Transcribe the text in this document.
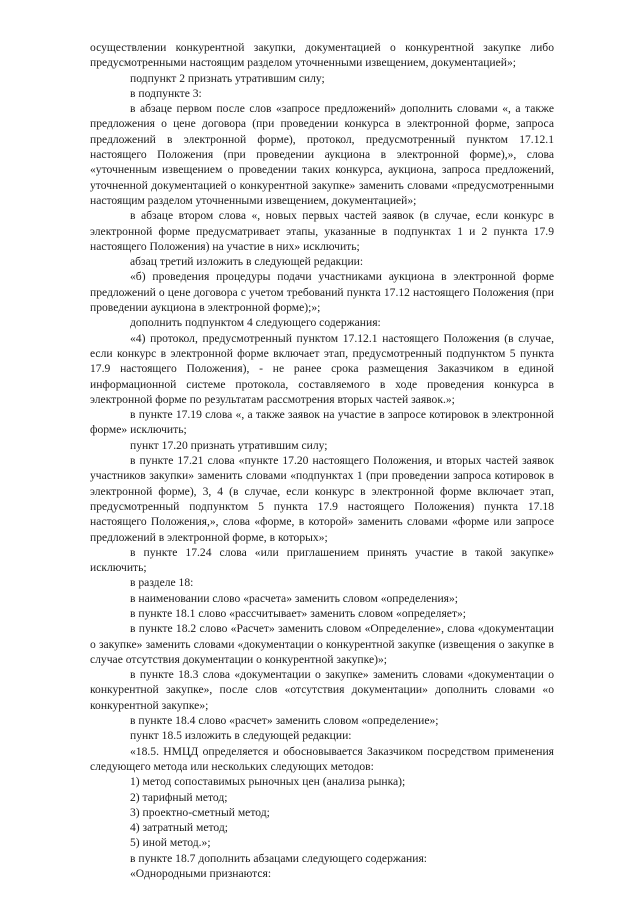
осуществлении конкурентной закупки, документацией о конкурентной закупке либо предусмотренными настоящим разделом уточненными извещением, документацией»;

подпункт 2 признать утратившим силу;

в подпункте 3:

в абзаце первом после слов «запросе предложений» дополнить словами «, а также предложения о цене договора (при проведении конкурса в электронной форме, запроса предложений в электронной форме), протокол, предусмотренный пунктом 17.12.1 настоящего Положения (при проведении аукциона в электронной форме),», слова «уточненным извещением о проведении таких конкурса, аукциона, запроса предложений, уточненной документацией о конкурентной закупке» заменить словами «предусмотренными настоящим разделом уточненными извещением, документацией»;

в абзаце втором слова «, новых первых частей заявок (в случае, если конкурс в электронной форме предусматривает этапы, указанные в подпунктах 1 и 2 пункта 17.9 настоящего Положения) на участие в них» исключить;

абзац третий изложить в следующей редакции:

«б) проведения процедуры подачи участниками аукциона в электронной форме предложений о цене договора с учетом требований пункта 17.12 настоящего Положения (при проведении аукциона в электронной форме);»;

дополнить подпунктом 4 следующего содержания:

«4) протокол, предусмотренный пунктом 17.12.1 настоящего Положения (в случае, если конкурс в электронной форме включает этап, предусмотренный подпунктом 5 пункта 17.9 настоящего Положения), - не ранее срока размещения Заказчиком в единой информационной системе протокола, составляемого в ходе проведения конкурса в электронной форме по результатам рассмотрения вторых частей заявок.»;

в пункте 17.19 слова «, а также заявок на участие в запросе котировок в электронной форме» исключить;

пункт 17.20 признать утратившим силу;

в пункте 17.21 слова «пункте 17.20 настоящего Положения, и вторых частей заявок участников закупки» заменить словами «подпунктах 1 (при проведении запроса котировок в электронной форме), 3, 4 (в случае, если конкурс в электронной форме включает этап, предусмотренный подпунктом 5 пункта 17.9 настоящего Положения) пункта 17.18 настоящего Положения,», слова «форме, в которой» заменить словами «форме или запросе предложений в электронной форме, в которых»;

в пункте 17.24 слова «или приглашением принять участие в такой закупке» исключить;

в разделе 18:

в наименовании слово «расчета» заменить словом «определения»;

в пункте 18.1 слово «рассчитывает» заменить словом «определяет»;

в пункте 18.2 слово «Расчет» заменить словом «Определение», слова «документации о закупке» заменить словами «документации о конкурентной закупке (извещения о закупке в случае отсутствия документации о конкурентной закупке)»;

в пункте 18.3 слова «документации о закупке» заменить словами «документации о конкурентной закупке», после слов «отсутствия документации» дополнить словами «о конкурентной закупке»;

в пункте 18.4 слово «расчет» заменить словом «определение»;

пункт 18.5 изложить в следующей редакции:

«18.5. НМЦД определяется и обосновывается Заказчиком посредством применения следующего метода или нескольких следующих методов:

1) метод сопоставимых рыночных цен (анализа рынка);

2) тарифный метод;

3) проектно-сметный метод;

4) затратный метод;

5) иной метод.»;

в пункте 18.7 дополнить абзацами следующего содержания:

«Однородными признаются:
